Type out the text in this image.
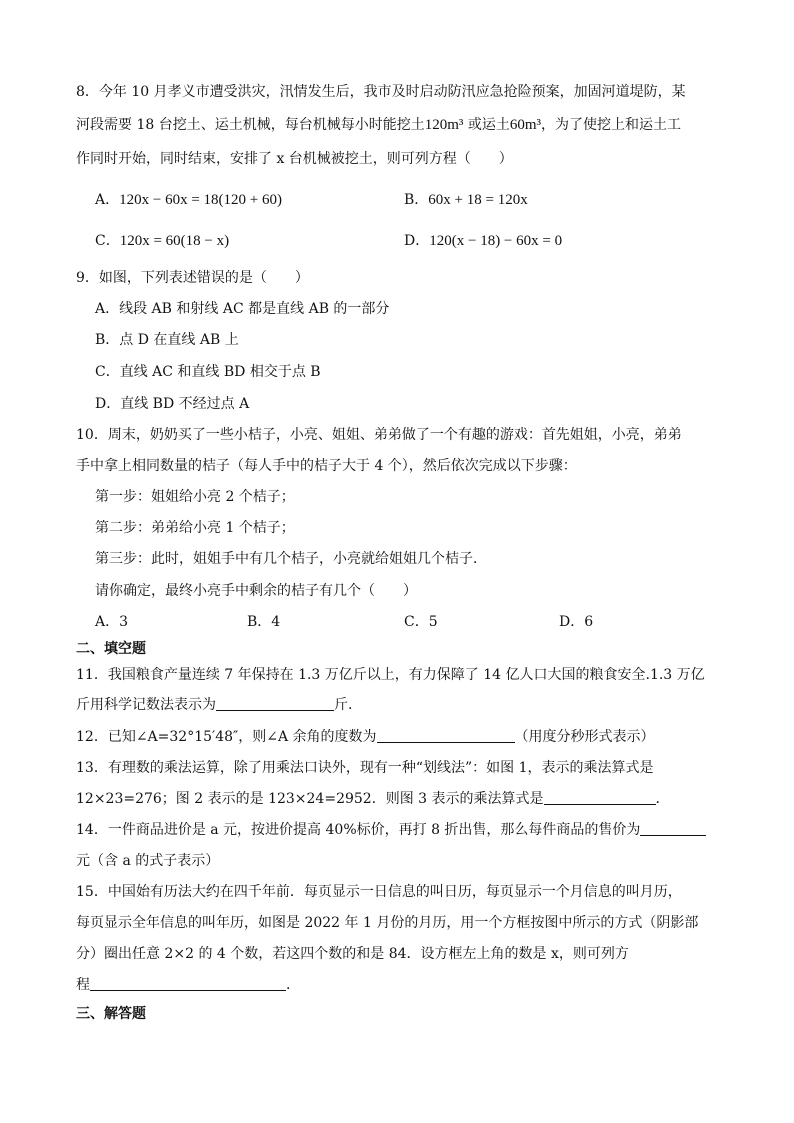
8．今年 10 月孝义市遭受洪灾，汛情发生后，我市及时启动防汛应急抢险预案，加固河道堤防，某
河段需要 18 台挖土、运土机械，每台机械每小时能挖土120m³ 或运土60m³，为了使挖上和运土工
作同时开始，同时结束，安排了 x 台机械被挖土，则可列方程（　　）
A．120x − 60x = 18(120 + 60)	B．60x + 18 = 120x
C．120x = 60(18 − x)	D．120(x − 18) − 60x = 0
9．如图，下列表述错误的是（　　）
A．线段 AB 和射线 AC 都是直线 AB 的一部分
B．点 D 在直线 AB 上
C．直线 AC 和直线 BD 相交于点 B
D．直线 BD 不经过点 A
10．周末，奶奶买了一些小桔子，小亮、姐姐、弟弟做了一个有趣的游戏：首先姐姐，小亮，弟弟
手中拿上相同数量的桔子（每人手中的桔子大于 4 个），然后依次完成以下步骤：
第一步：姐姐给小亮 2 个桔子；
第二步：弟弟给小亮 1 个桔子；
第三步：此时，姐姐手中有几个桔子，小亮就给姐姐几个桔子．
请你确定，最终小亮手中剩余的桔子有几个（　　）
A．3	B．4	C．5	D．6
二、填空题
11．我国粮食产量连续 7 年保持在 1.3 万亿斤以上，有力保障了 14 亿人口大国的粮食安全.1.3 万亿
斤用科学记数法表示为	斤.
12．已知∠A=32°15′48″，则∠A 余角的度数为	（用度分秒形式表示）
13．有理数的乘法运算，除了用乘法口诀外，现有一种“划线法”：如图 1，表示的乘法算式是
12×23=276；图 2 表示的是 123×24=2952．则图 3 表示的乘法算式是	．
14．一件商品进价是 a 元，按进价提高 40%标价，再打 8 折出售，那么每件商品的售价为
元（含 a 的式子表示）
15．中国始有历法大约在四千年前．每页显示一日信息的叫日历，每页显示一个月信息的叫月历，
每页显示全年信息的叫年历，如图是 2022 年 1 月份的月历，用一个方框按图中所示的方式（阴影部
分）圈出任意 2×2 的 4 个数，若这四个数的和是 84．设方框左上角的数是 x，则可列方
程	.
三、解答题
